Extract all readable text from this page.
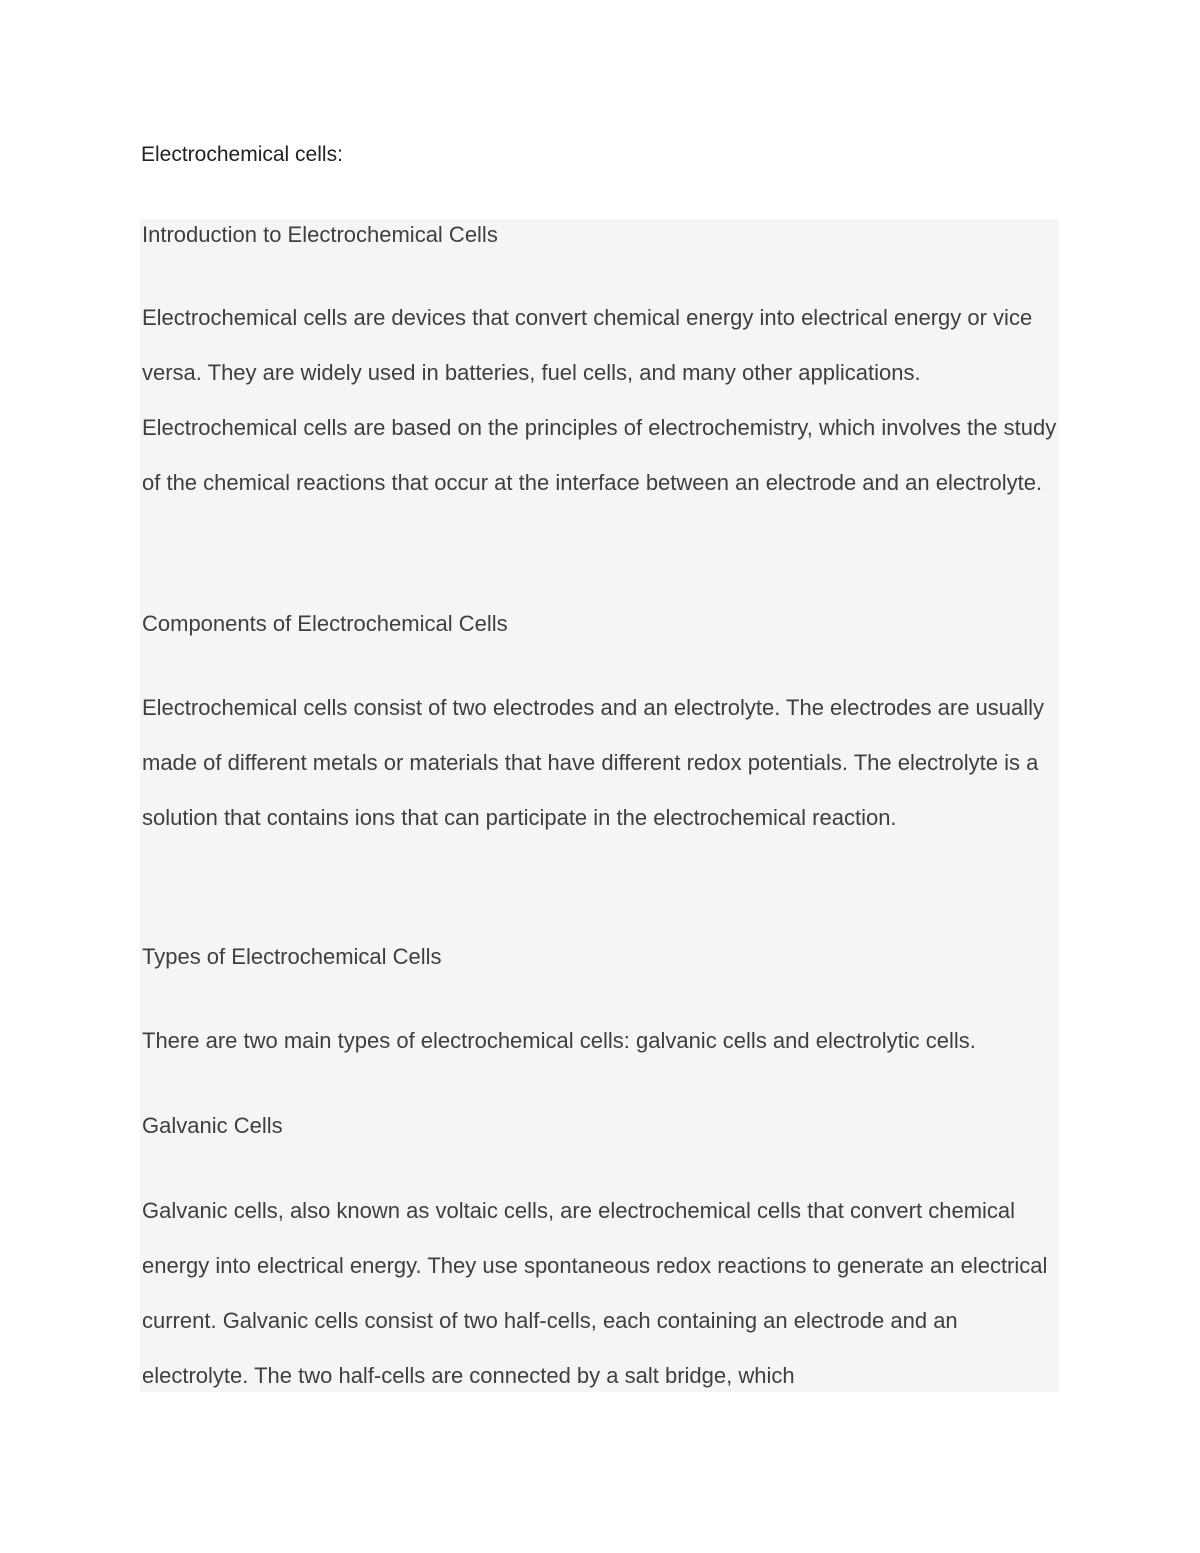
Electrochemical cells:
Introduction to Electrochemical Cells

Electrochemical cells are devices that convert chemical energy into electrical energy or vice versa. They are widely used in batteries, fuel cells, and many other applications. Electrochemical cells are based on the principles of electrochemistry, which involves the study of the chemical reactions that occur at the interface between an electrode and an electrolyte.

Components of Electrochemical Cells

Electrochemical cells consist of two electrodes and an electrolyte. The electrodes are usually made of different metals or materials that have different redox potentials. The electrolyte is a solution that contains ions that can participate in the electrochemical reaction.

Types of Electrochemical Cells

There are two main types of electrochemical cells: galvanic cells and electrolytic cells.

Galvanic Cells

Galvanic cells, also known as voltaic cells, are electrochemical cells that convert chemical energy into electrical energy. They use spontaneous redox reactions to generate an electrical current. Galvanic cells consist of two half-cells, each containing an electrode and an electrolyte. The two half-cells are connected by a salt bridge, which
